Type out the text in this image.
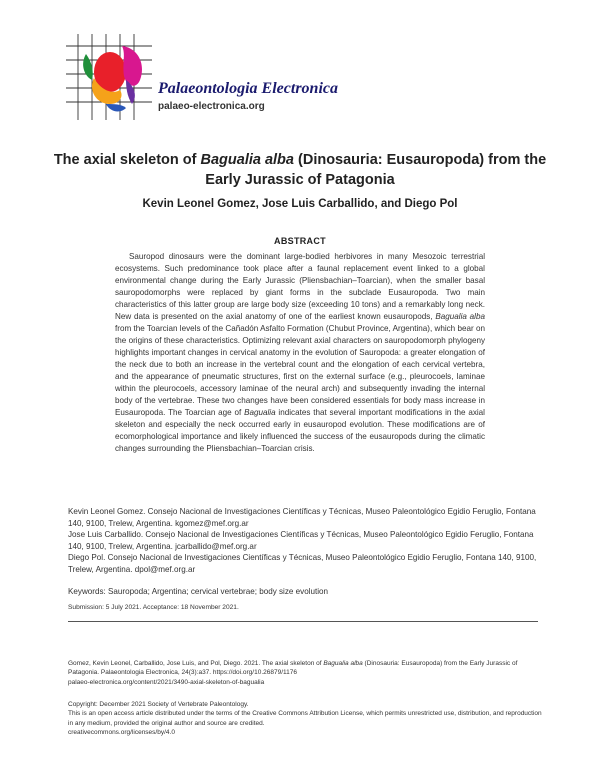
Palaeontologia Electronica
palaeo-electronica.org
The axial skeleton of Bagualia alba (Dinosauria: Eusauropoda) from the Early Jurassic of Patagonia
Kevin Leonel Gomez, Jose Luis Carballido, and Diego Pol
ABSTRACT

Sauropod dinosaurs were the dominant large-bodied herbivores in many Mesozoic terrestrial ecosystems. Such predominance took place after a faunal replacement event linked to a global environmental change during the Early Jurassic (Pliensbachian–Toarcian), when the smaller basal sauropodomorphs were replaced by giant forms in the subclade Eusauropoda. Two main characteristics of this latter group are large body size (exceeding 10 tons) and a remarkably long neck. New data is presented on the axial anatomy of one of the earliest known eusauropods, Bagualia alba from the Toarcian levels of the Cañadón Asfalto Formation (Chubut Province, Argentina), which bear on the origins of these characteristics. Optimizing relevant axial characters on sauropodomorph phylogeny highlights important changes in cervical anatomy in the evolution of Sauropoda: a greater elongation of the neck due to both an increase in the vertebral count and the elongation of each cervical vertebra, and the appearance of pneumatic structures, first on the external surface (e.g., pleurocoels, laminae within the pleurocoels, accessory laminae of the neural arch) and subsequently invading the internal body of the vertebrae. These two changes have been considered essentials for body mass increase in Eusauropoda. The Toarcian age of Bagualia indicates that several important modifications in the axial skeleton and especially the neck occurred early in eusauropod evolution. These modifications are of ecomorphological importance and likely influenced the success of the eusauropods during the climatic changes surrounding the Pliensbachian–Toarcian crisis.

Kevin Leonel Gomez. Consejo Nacional de Investigaciones Científicas y Técnicas, Museo Paleontológico Egidio Feruglio, Fontana 140, 9100, Trelew, Argentina. kgomez@mef.org.ar
Jose Luis Carballido. Consejo Nacional de Investigaciones Científicas y Técnicas, Museo Paleontológico Egidio Feruglio, Fontana 140, 9100, Trelew, Argentina. jcarballido@mef.org.ar
Diego Pol. Consejo Nacional de Investigaciones Científicas y Técnicas, Museo Paleontológico Egidio Feruglio, Fontana 140, 9100, Trelew, Argentina. dpol@mef.org.ar
Keywords: Sauropoda; Argentina; cervical vertebrae; body size evolution
Submission: 5 July 2021. Acceptance: 18 November 2021.
Gomez, Kevin Leonel, Carballido, Jose Luis, and Pol, Diego. 2021. The axial skeleton of Bagualia alba (Dinosauria: Eusauropoda) from the Early Jurassic of Patagonia. Palaeontologia Electronica, 24(3):a37. https://doi.org/10.26879/1176
palaeo-electronica.org/content/2021/3490-axial-skeleton-of-bagualia
Copyright: December 2021 Society of Vertebrate Paleontology.
This is an open access article distributed under the terms of the Creative Commons Attribution License, which permits unrestricted use, distribution, and reproduction in any medium, provided the original author and source are credited.
creativecommons.org/licenses/by/4.0
